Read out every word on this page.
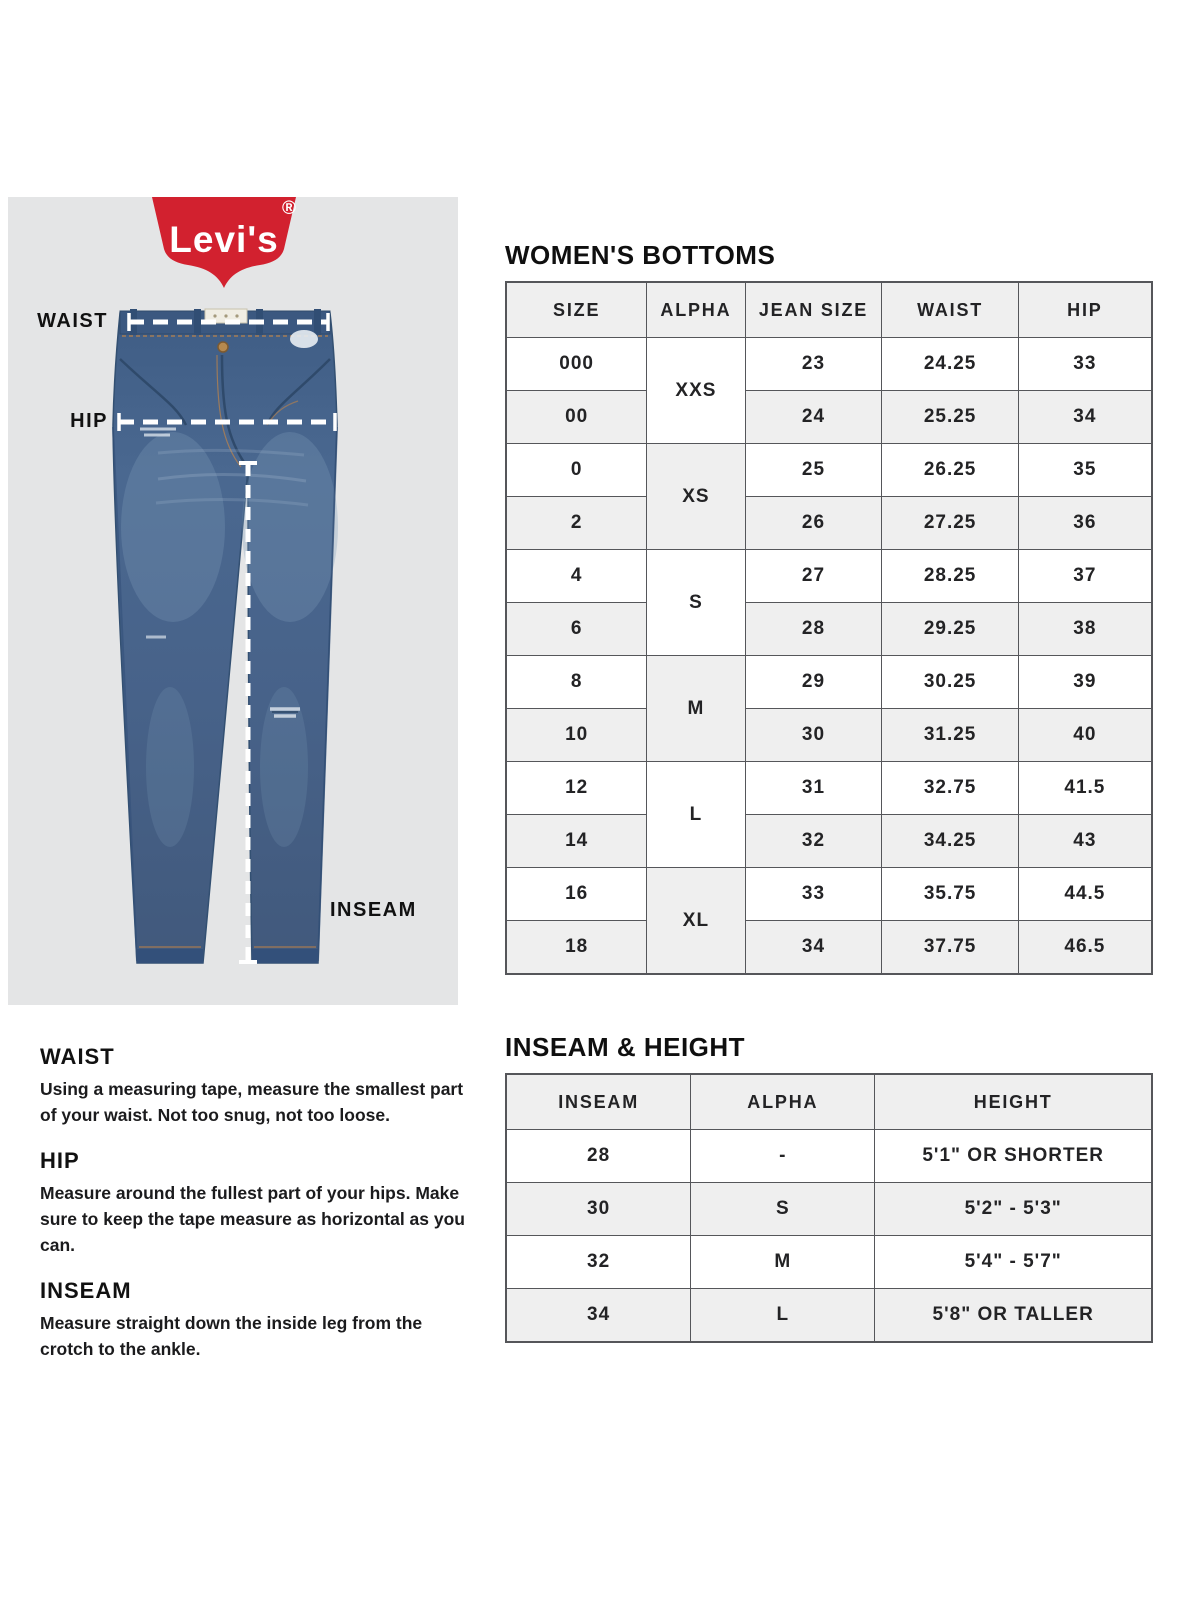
Levi's
®
WAIST
HIP
INSEAM
WOMEN'S BOTTOMS
SIZE	ALPHA	JEAN SIZE	WAIST	HIP
000	XXS	23	24.25	33
00		24	25.25	34
0	XS	25	26.25	35
2		26	27.25	36
4	S	27	28.25	37
6		28	29.25	38
8	M	29	30.25	39
10		30	31.25	40
12	L	31	32.75	41.5
14		32	34.25	43
16	XL	33	35.75	44.5
18		34	37.75	46.5
INSEAM & HEIGHT
INSEAM	ALPHA	HEIGHT
28	-	5'1" OR SHORTER
30	S	5'2" - 5'3"
32	M	5'4" - 5'7"
34	L	5'8" OR TALLER
WAIST

Using a measuring tape, measure the smallest part of your waist. Not too snug, not too loose.

HIP

Measure around the fullest part of your hips. Make sure to keep the tape measure as horizontal as you can.

INSEAM

Measure straight down the inside leg from the crotch to the ankle.
